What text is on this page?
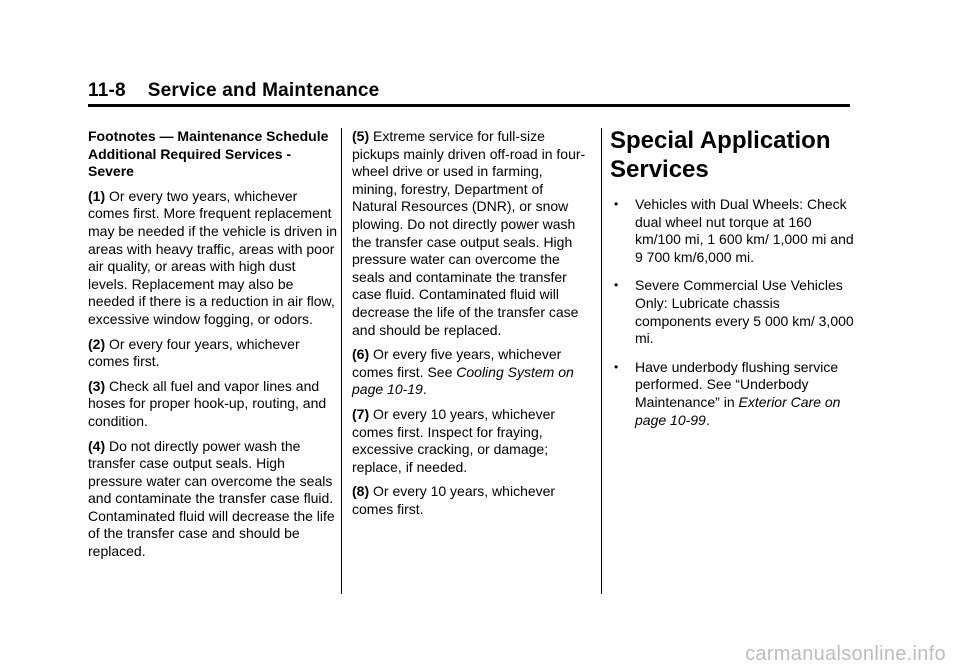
11-8 Service and Maintenance
Footnotes — Maintenance Schedule Additional Required Services - Severe

(1) Or every two years, whichever comes first. More frequent replacement may be needed if the vehicle is driven in areas with heavy traffic, areas with poor air quality, or areas with high dust levels. Replacement may also be needed if there is a reduction in air flow, excessive window fogging, or odors.

(2) Or every four years, whichever comes first.

(3) Check all fuel and vapor lines and hoses for proper hook-up, routing, and condition.

(4) Do not directly power wash the transfer case output seals. High pressure water can overcome the seals and contaminate the transfer case fluid. Contaminated fluid will decrease the life of the transfer case and should be replaced.

(5) Extreme service for full-size pickups mainly driven off-road in four-wheel drive or used in farming, mining, forestry, Department of Natural Resources (DNR), or snow plowing. Do not directly power wash the transfer case output seals. High pressure water can overcome the seals and contaminate the transfer case fluid. Contaminated fluid will decrease the life of the transfer case and should be replaced.

(6) Or every five years, whichever comes first. See Cooling System on page 10-19.

(7) Or every 10 years, whichever comes first. Inspect for fraying, excessive cracking, or damage; replace, if needed.

(8) Or every 10 years, whichever comes first.

Special Application Services
• Vehicles with Dual Wheels: Check dual wheel nut torque at 160 km/100 mi, 1 600 km/ 1,000 mi and 9 700 km/6,000 mi.
• Severe Commercial Use Vehicles Only: Lubricate chassis components every 5 000 km/ 3,000 mi.
• Have underbody flushing service performed. See “Underbody Maintenance” in Exterior Care on page 10-99.
carmanualsonline.info
